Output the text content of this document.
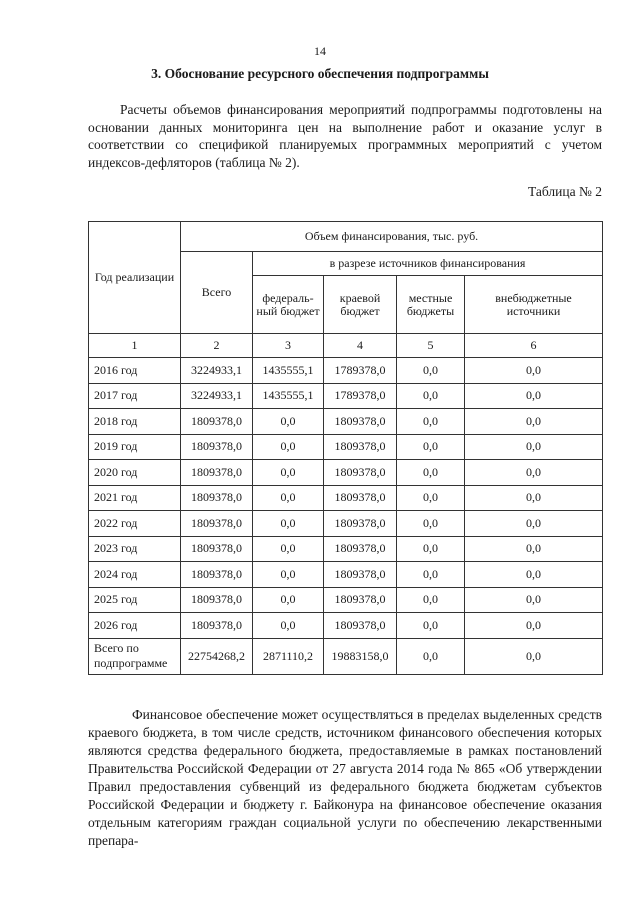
14
3. Обоснование ресурсного обеспечения подпрограммы
Расчеты объемов финансирования мероприятий подпрограммы подготовлены на основании данных мониторинга цен на выполнение работ и оказание услуг в соответствии со спецификой планируемых программных мероприятий с учетом индексов-дефляторов (таблица № 2).
Таблица № 2
Год реализации	Объем финансирования, тыс. руб.				
	Всего	в разрезе источников финансирования			
		федераль-ный бюджет	краевой бюджет	местные бюджеты	внебюджетные источники
1	2	3	4	5	6
2016 год	3224933,1	1435555,1	1789378,0	0,0	0,0
2017 год	3224933,1	1435555,1	1789378,0	0,0	0,0
2018 год	1809378,0	0,0	1809378,0	0,0	0,0
2019 год	1809378,0	0,0	1809378,0	0,0	0,0
2020 год	1809378,0	0,0	1809378,0	0,0	0,0
2021 год	1809378,0	0,0	1809378,0	0,0	0,0
2022 год	1809378,0	0,0	1809378,0	0,0	0,0
2023 год	1809378,0	0,0	1809378,0	0,0	0,0
2024 год	1809378,0	0,0	1809378,0	0,0	0,0
2025 год	1809378,0	0,0	1809378,0	0,0	0,0
2026 год	1809378,0	0,0	1809378,0	0,0	0,0
Всего по подпрограмме	22754268,2	2871110,2	19883158,0	0,0	0,0
Финансовое обеспечение может осуществляться в пределах выделенных средств краевого бюджета, в том числе средств, источником финансового обеспечения которых являются средства федерального бюджета, предоставляемые в рамках постановлений Правительства Российской Федерации от 27 августа 2014 года № 865 «Об утверждении Правил предоставления субвенций из федерального бюджета бюджетам субъектов Российской Федерации и бюджету г. Байконура на финансовое обеспечение оказания отдельным категориям граждан социальной услуги по обеспечению лекарственными препара-
